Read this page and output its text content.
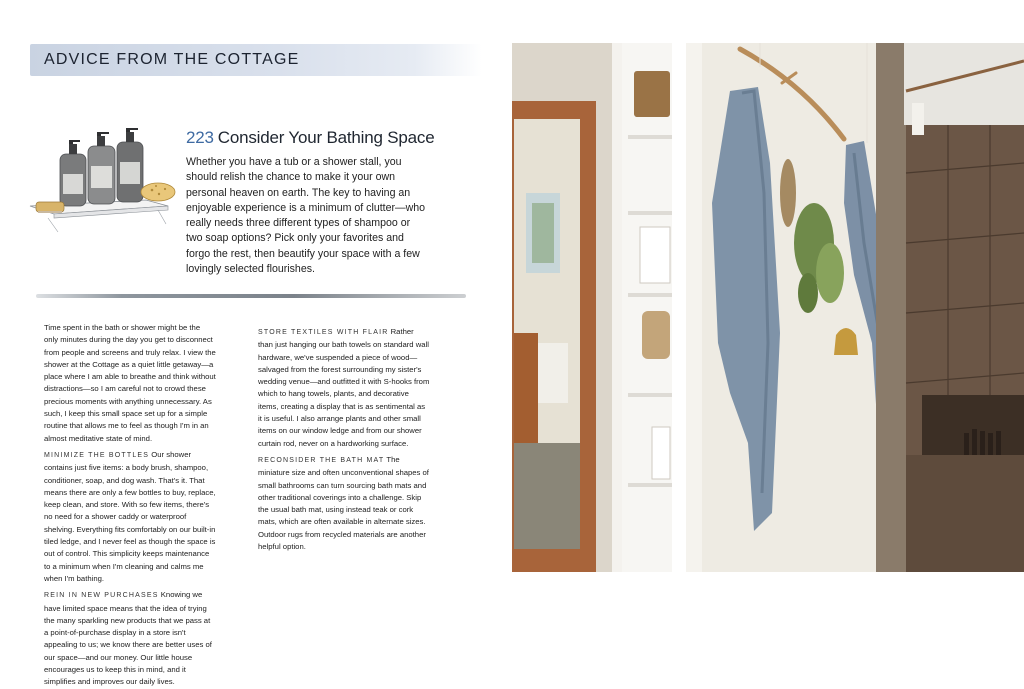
ADVICE FROM THE COTTAGE
223 Consider Your Bathing Space
Whether you have a tub or a shower stall, you should relish the chance to make it your own personal heaven on earth. The key to having an enjoyable experience is a minimum of clutter—who really needs three different types of shampoo or two soap options? Pick only your favorites and forgo the rest, then beautify your space with a few lovingly selected flourishes.

Time spent in the bath or shower might be the only minutes during the day you get to disconnect from people and screens and truly relax. I view the shower at the Cottage as a quiet little getaway—a place where I am able to breathe and think without distractions—so I am careful not to crowd these precious moments with anything unnecessary. As such, I keep this small space set up for a simple routine that allows me to feel as though I'm in an almost meditative state of mind.

MINIMIZE THE BOTTLES Our shower contains just five items: a body brush, shampoo, conditioner, soap, and dog wash. That's it. That means there are only a few bottles to buy, replace, keep clean, and store. With so few items, there's no need for a shower caddy or waterproof shelving. Everything fits comfortably on our built-in tiled ledge, and I never feel as though the space is out of control. This simplicity keeps maintenance to a minimum when I'm cleaning and calms me when I'm bathing.

REIN IN NEW PURCHASES Knowing we have limited space means that the idea of trying the many sparkling new products that we pass at a point-of-purchase display in a store isn't appealing to us; we know there are better uses of our space—and our money. Our little house encourages us to keep this in mind, and it simplifies and improves our daily lives.

STORE TEXTILES WITH FLAIR Rather than just hanging our bath towels on standard wall hardware, we've suspended a piece of wood—salvaged from the forest surrounding my sister's wedding venue—and outfitted it with S-hooks from which to hang towels, plants, and decorative items, creating a display that is as sentimental as it is useful. I also arrange plants and other small items on our window ledge and from our shower curtain rod, never on a hardworking surface.

RECONSIDER THE BATH MAT The miniature size and often unconventional shapes of small bathrooms can turn sourcing bath mats and other traditional coverings into a challenge. Skip the usual bath mat, using instead teak or cork mats, which are often available in alternate sizes. Outdoor rugs from recycled materials are another helpful option.
